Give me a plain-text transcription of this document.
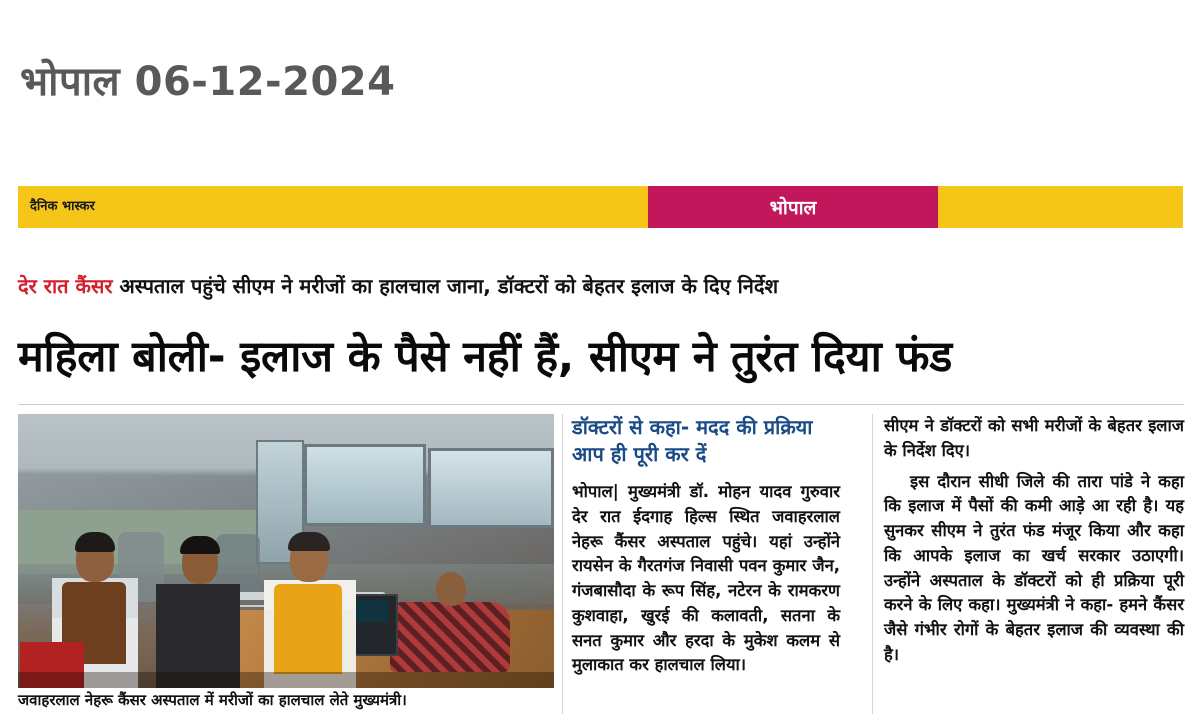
भोपाल 06-12-2024
दैनिक भास्कर	भोपाल
देर रात कैंसर अस्पताल पहुंचे सीएम ने मरीजों का हालचाल जाना, डॉक्टरों को बेहतर इलाज के दिए निर्देश
महिला बोली- इलाज के पैसे नहीं हैं, सीएम ने तुरंत दिया फंड
जवाहरलाल नेहरू कैंसर अस्पताल में मरीजों का हालचाल लेते मुख्यमंत्री।
डॉक्टरों से कहा- मदद की प्रक्रिया आप ही पूरी कर दें
भोपाल| मुख्यमंत्री डॉ. मोहन यादव गुरुवार देर रात ईदगाह हिल्स स्थित जवाहरलाल नेहरू कैंसर अस्पताल पहुंचे। यहां उन्होंने रायसेन के गैरतगंज निवासी पवन कुमार जैन, गंजबासौदा के रूप सिंह, नटेरन के रामकरण कुशवाहा, खुरई की कलावती, सतना के सनत कुमार और हरदा के मुकेश कलम से मुलाकात कर हालचाल लिया।

सीएम ने डॉक्टरों को सभी मरीजों के बेहतर इलाज के निर्देश दिए।

इस दौरान सीधी जिले की तारा पांडे ने कहा कि इलाज में पैसों की कमी आड़े आ रही है। यह सुनकर सीएम ने तुरंत फंड मंजूर किया और कहा कि आपके इलाज का खर्च सरकार उठाएगी। उन्होंने अस्पताल के डॉक्टरों को ही प्रक्रिया पूरी करने के लिए कहा। मुख्यमंत्री ने कहा- हमने कैंसर जैसे गंभीर रोगों के बेहतर इलाज की व्यवस्था की है।
